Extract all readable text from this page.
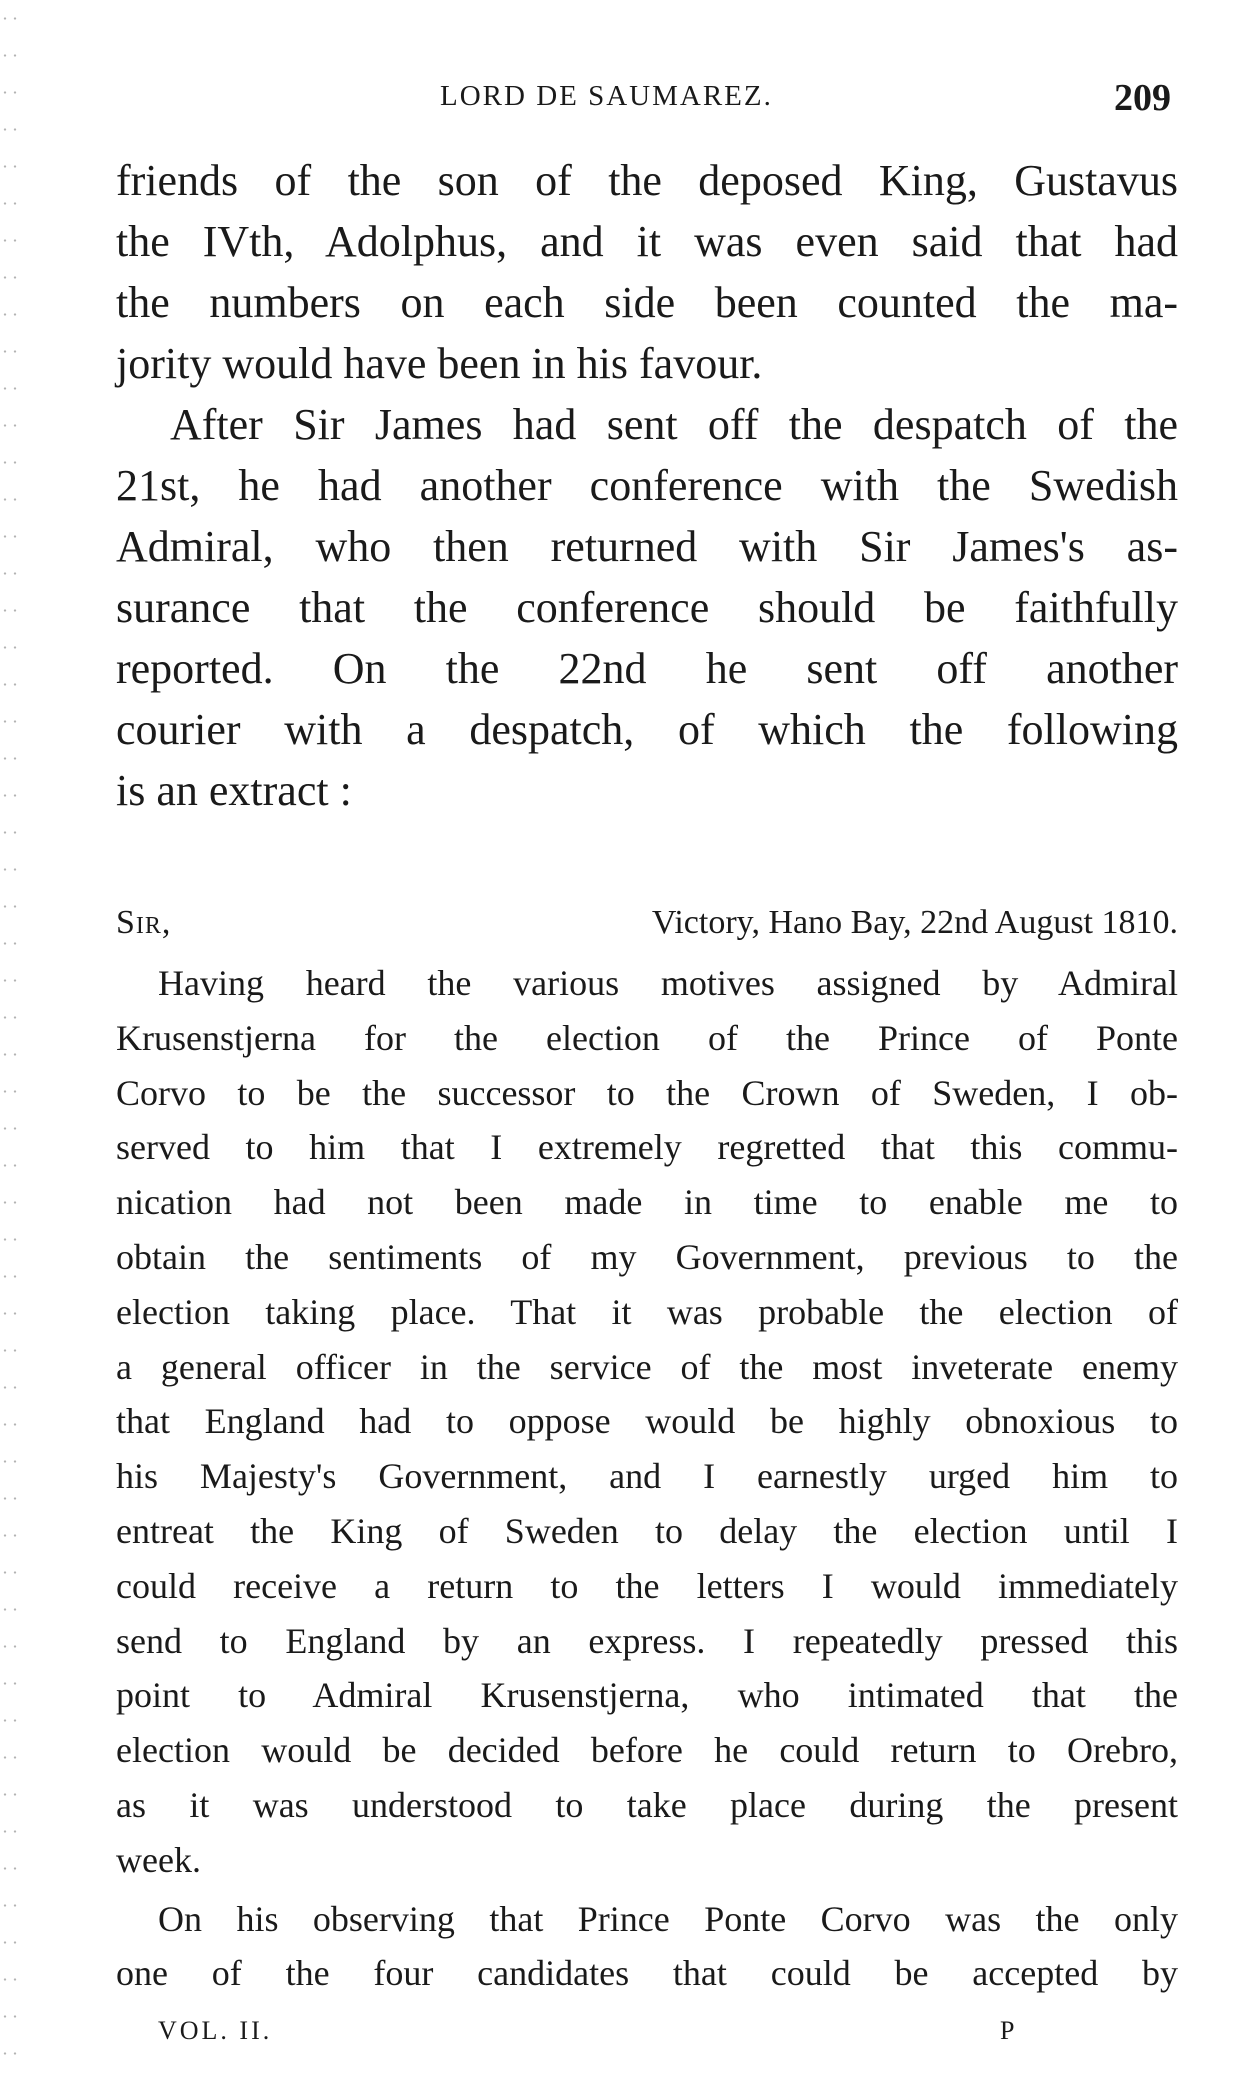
LORD DE SAUMAREZ.	209
friends of the son of the deposed King, Gustavus
the IVth, Adolphus, and it was even said that had
the numbers on each side been counted the ma-
jority would have been in his favour.
After Sir James had sent off the despatch of the
21st, he had another conference with the Swedish
Admiral, who then returned with Sir James's as-
surance that the conference should be faithfully
reported. On the 22nd he sent off another
courier with a despatch, of which the following
is an extract :
Sir,	Victory, Hano Bay, 22nd August 1810.
Having heard the various motives assigned by Admiral
Krusenstjerna for the election of the Prince of Ponte
Corvo to be the successor to the Crown of Sweden, I ob-
served to him that I extremely regretted that this commu-
nication had not been made in time to enable me to
obtain the sentiments of my Government, previous to the
election taking place. That it was probable the election of
a general officer in the service of the most inveterate enemy
that England had to oppose would be highly obnoxious to
his Majesty's Government, and I earnestly urged him to
entreat the King of Sweden to delay the election until I
could receive a return to the letters I would immediately
send to England by an express. I repeatedly pressed this
point to Admiral Krusenstjerna, who intimated that the
election would be decided before he could return to Orebro,
as it was understood to take place during the present
week.
On his observing that Prince Ponte Corvo was the only
one of the four candidates that could be accepted by
VOL. II.	P
